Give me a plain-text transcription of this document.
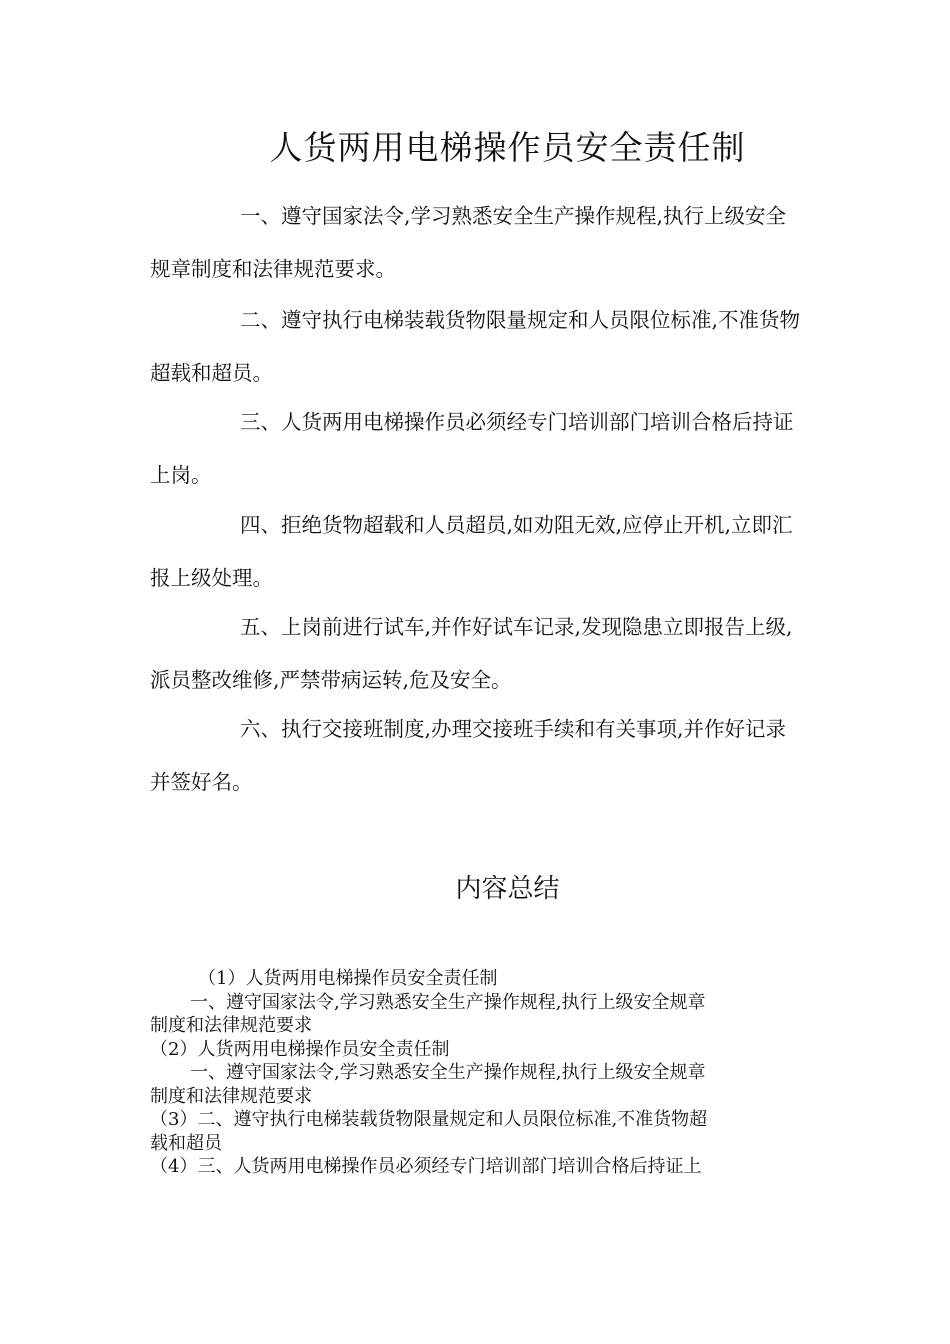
人货两用电梯操作员安全责任制

一、遵守国家法令,学习熟悉安全生产操作规程,执行上级安全规章制度和法律规范要求。

二、遵守执行电梯装载货物限量规定和人员限位标准,不准货物超载和超员。

三、人货两用电梯操作员必须经专门培训部门培训合格后持证上岗。

四、拒绝货物超载和人员超员,如劝阻无效,应停止开机,立即汇报上级处理。

五、上岗前进行试车,并作好试车记录,发现隐患立即报告上级,派员整改维修,严禁带病运转,危及安全。

六、执行交接班制度,办理交接班手续和有关事项,并作好记录并签好名。

内容总结
（1）人货两用电梯操作员安全责任制
一、遵守国家法令,学习熟悉安全生产操作规程,执行上级安全规章
制度和法律规范要求
（2）人货两用电梯操作员安全责任制
一、遵守国家法令,学习熟悉安全生产操作规程,执行上级安全规章
制度和法律规范要求
（3）二、遵守执行电梯装载货物限量规定和人员限位标准,不准货物超
载和超员
（4）三、人货两用电梯操作员必须经专门培训部门培训合格后持证上
